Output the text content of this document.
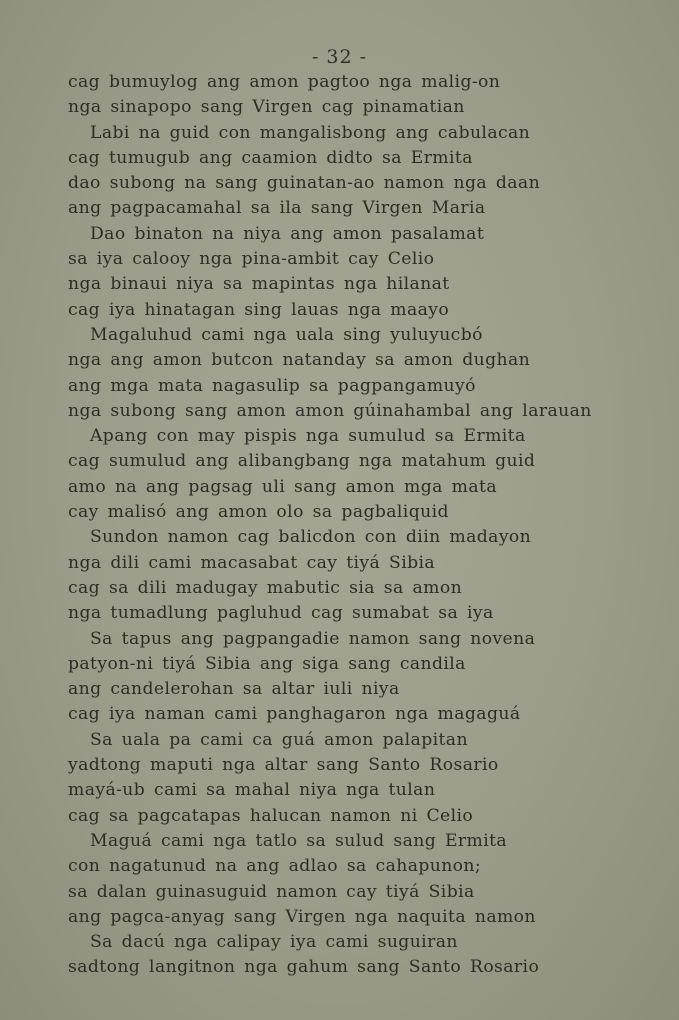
- 32 -
cag bumuylog ang amon pagtoo nga malig-on
nga sinapopo sang Virgen cag pinamatian
Labi na guid con mangalisbong ang cabulacan
cag tumugub ang caamion didto sa Ermita
dao subong na sang guinatan-ao namon nga daan
ang pagpacamahal sa ila sang Virgen Maria
Dao binaton na niya ang amon pasalamat
sa iya calooy nga pina-ambit cay Celio
nga binaui niya sa mapintas nga hilanat
cag iya hinatagan sing lauas nga maayo
Magaluhud cami nga uala sing yuluyucbó
nga ang amon butcon natanday sa amon dughan
ang mga mata nagasulip sa pagpangamuyó
nga subong sang amon amon gúinahambal ang larauan
Apang con may pispis nga sumulud sa Ermita
cag sumulud ang alibangbang nga matahum guid
amo na ang pagsag uli sang amon mga mata
cay malisó ang amon olo sa pagbaliquid
Sundon namon cag balicdon con diin madayon
nga dili cami macasabat cay tiyá Sibia
cag sa dili madugay mabutic sia sa amon
nga tumadlung pagluhud cag sumabat sa iya
Sa tapus ang pagpangadie namon sang novena
patyon-ni tiyá Sibia ang siga sang candila
ang candelerohan sa altar iuli niya
cag iya naman cami panghagaron nga magaguá
Sa uala pa cami ca guá amon palapitan
yadtong maputi nga altar sang Santo Rosario
mayá-ub cami sa mahal niya nga tulan
cag sa pagcatapas halucan namon ni Celio
Maguá cami nga tatlo sa sulud sang Ermita
con nagatunud na ang adlao sa cahapunon;
sa dalan guinasuguid namon cay tiyá Sibia
ang pagca-anyag sang Virgen nga naquita namon
Sa dacú nga calipay iya cami suguiran
sadtong langitnon nga gahum sang Santo Rosario
